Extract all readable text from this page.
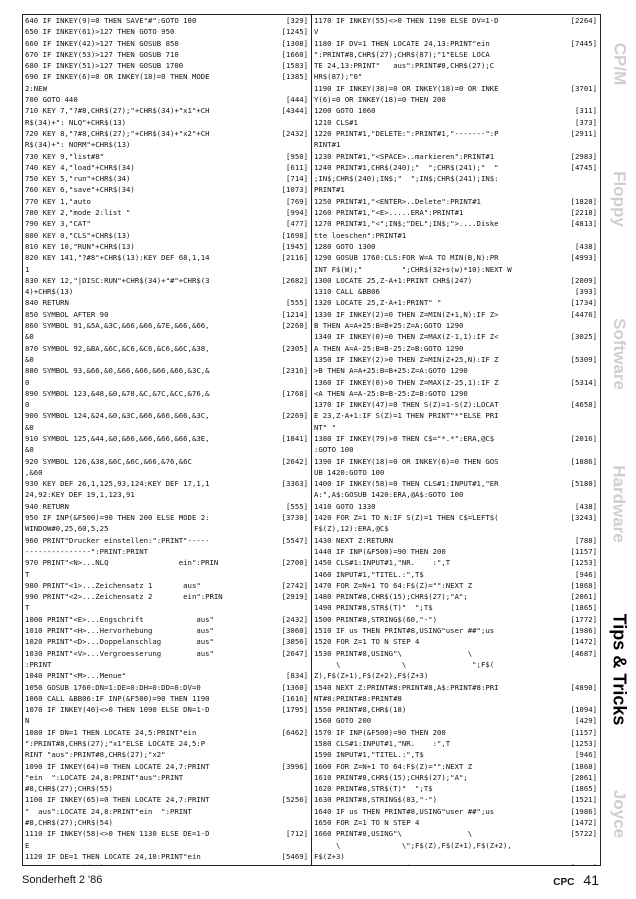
640 IF INKEY(9)=0 THEN SAVE"#":GOTO 100	[329]
650 IF INKEY(61)>127 THEN GOTO 950	[1245]
660 IF INKEY(42)>127 THEN GOSUB 850	[1308]
670 IF INKEY(53)>127 THEN GOSUB 710	[1660]
680 IF INKEY(51)>127 THEN GOSUB 1700	[1583]
690 IF INKEY(6)=0 OR INKEY(18)=0 THEN MODE	[1385]
2:NEW
700 GOTO 440	[444]
710 KEY 7,"?#8,CHR$(27);"+CHR$(34)+"x1"+CH	[4344]
R$(34)+": NLQ"+CHR$(13)
720 KEY 8,"?#8,CHR$(27);"+CHR$(34)+"x2"+CH	[2432]
R$(34)+": NORM"+CHR$(13)
730 KEY 9,"list#8"	[950]
740 KEY 4,"load"+CHR$(34)	[611]
750 KEY 5,"run"+CHR$(34)	[714]
760 KEY 6,"save"+CHR$(34)	[1073]
770 KEY 1,"auto	[769]
780 KEY 2,"mode 2:list "	[994]
790 KEY 3,"CAT"	[477]
800 KEY 0,"CLS"+CHR$(13)	[1698]
810 KEY 10,"RUN"+CHR$(13)	[1945]
820 KEY 141,"?#8"+CHR$(13):KEY DEF 68,1,14	[2116]
1
830 KEY 12,"|DISC:RUN"+CHR$(34)+"#"+CHR$(3	[2682]
4)+CHR$(13)
840 RETURN	[555]
850 SYMBOL AFTER 90	[1214]
860 SYMBOL 91,&5A,&3C,&66,&66,&7E,&66,&66,	[2260]
&0
870 SYMBOL 92,&BA,&6C,&C6,&C6,&C6,&6C,&38,	[2305]
&0
880 SYMBOL 93,&66,&0,&66,&66,&66,&66,&3C,&	[2316]
0
890 SYMBOL 123,&48,&0,&78,&C,&7C,&CC,&76,&	[1768]
0
900 SYMBOL 124,&24,&0,&3C,&66,&66,&66,&3C,	[2269]
&0
910 SYMBOL 125,&44,&0,&66,&66,&66,&66,&3E,	[1841]
&0
920 SYMBOL 126,&38,&6C,&6C,&66,&76,&6C	[2642]
,&60
930 KEY DEF 26,1,125,93,124:KEY DEF 17,1,1	[3363]
24,92:KEY DEF 19,1,123,91
940 RETURN	[555]
950 IF INP(&F500)=90 THEN 200 ELSE MODE 2:	[3730]
WINDOW#0,25,60,5,25
960 PRINT"Drucker einstellen:":PRINT"-----	[5547]
---------------":PRINT:PRINT
970 PRINT"<N>...NLQ                ein":PRIN	[2700]
T
980 PRINT"<1>...Zeichensatz 1       aus"	[2742]
990 PRINT"<2>...Zeichensatz 2       ein":PRIN	[2919]
T
1000 PRINT"<E>...Engschrift            aus"	[2432]
1010 PRINT"<H>...Hervorhebung          aus"	[3060]
1020 PRINT"<D>...Doppelanschlag        aus"	[3056]
1030 PRINT"<V>...Vergroesserung        aus"	[2647]
:PRINT
1040 PRINT"<M>...Menue"	[834]
1050 GOSUB 1760:DN=1:DE=0:DH=0:DD=0:DV=0	[1360]
1060 CALL &BB06:IF INP(&F500)=90 THEN 1190	[1616]
1070 IF INKEY(46)<>0 THEN 1090 ELSE DN=1-D	[1795]
N
1080 IF DN=1 THEN LOCATE 24,5:PRINT"ein	[6462]
":PRINT#8,CHR$(27);"x1"ELSE LOCATE 24,5:P
RINT "aus":PRINT#8,CHR$(27);"x2"
1090 IF INKEY(64)=0 THEN LOCATE 24,7:PRINT	[3996]
"ein  ":LOCATE 24,8:PRINT"aus":PRINT
#8,CHR$(27);CHR$(55)
1100 IF INKEY(65)=0 THEN LOCATE 24,7:PRINT	[5256]
"  aus":LOCATE 24,8:PRINT"ein  ":PRINT
#8,CHR$(27);CHR$(54)
1110 IF INKEY(58)<>0 THEN 1130 ELSE DE=1-D	[712]
E
1120 IF DE=1 THEN LOCATE 24,10:PRINT"ein	[5469]
1170 IF INKEY(55)<>0 THEN 1190 ELSE DV=1-D	[2264]
V
1180 IF DV=1 THEN LOCATE 24,13:PRINT"ein	[7445]
":PRINT#8,CHR$(27);CHR$(87);"1"ELSE LOCA
TE 24,13:PRINT"   aus":PRINT#8,CHR$(27);C
HR$(87);"0"
1190 IF INKEY(38)=0 OR INKEY(18)=0 OR INKE	[3701]
Y(6)=0 OR INKEY(18)=0 THEN 200
1200 GOTO 1060	[311]
1210 CLS#1	[373]
1220 PRINT#1,"DELETE:":PRINT#1,"-------":P	[2911]
RINT#1
1230 PRINT#1,"<SPACE>..markieren":PRINT#1	[2983]
1240 PRINT#1,CHR$(240);"  ";CHR$(241);"  "	[4745]
;IN$;CHR$(240);IN$;"  ";IN$;CHR$(241);IN$:
PRINT#1
1250 PRINT#1,"<ENTER>..Delete":PRINT#1	[1828]
1260 PRINT#1,"<E>.....ERA":PRINT#1	[2218]
1270 PRINT#1,"<";IN$;"DEL";IN$;">....Diske	[4813]
tte loeschen":PRINT#1
1280 GOTO 1300	[438]
1290 GOSUB 1760:CLS:FOR W=A TO MIN(B,N):PR	[4993]
INT F$(W);"         ";CHR$(32+s(w)*10):NEXT W
1300 LOCATE 25,Z-A+1:PRINT CHR$(247)	[2009]
1310 CALL &BB06	[393]
1320 LOCATE 25,Z-A+1:PRINT" "	[1734]
1330 IF INKEY(2)=0 THEN Z=MIN(Z+1,N):IF Z>	[4476]
B THEN A=A+25:B=B+25:Z=A:GOTO 1290
1340 IF INKEY(0)=0 THEN Z=MAX(Z-1,1):IF Z<	[3025]
A THEN A=A-25:B=B-25:Z=B:GOTO 1290
1350 IF INKEY(2)>0 THEN Z=MIN(Z+25,N):IF Z	[5309]
>B THEN A=A+25:B=B+25:Z=A:GOTO 1290
1360 IF INKEY(0)>0 THEN Z=MAX(Z-25,1):IF Z	[5314]
<A THEN A=A-25:B=B-25:Z=B:GOTO 1290
1370 IF INKEY(47)=0 THEN S(Z)=1-S(Z):LOCAT	[4658]
E 23,Z-A+1:IF S(Z)=1 THEN PRINT"*"ELSE PRI
NT" "
1380 IF INKEY(79)>0 THEN C$="*.*":ERA,@C$	[2016]
:GOTO 100
1390 IF INKEY(18)=0 OR INKEY(6)=0 THEN GOS	[1886]
UB 1420:GOTO 100
1400 IF INKEY(58)=0 THEN CLS#1:INPUT#1,"ER	[5180]
A:",A$:GOSUB 1420:ERA,@A$:GOTO 100
1410 GOTO 1330	[438]
1420 FOR Z=1 TO N:IF S(Z)=1 THEN C$=LEFT$(	[3243]
F$(Z),12):ERA,@C$
1430 NEXT Z:RETURN	[788]
1440 IF INP(&F500)=90 THEN 200	[1157]
1450 CLS#1:INPUT#1,"NR.    :",T	[1253]
1460 INPUT#1,"TITEL.:",T$	[946]
1470 FOR Z=N+1 TO 64:F$(Z)="":NEXT Z	[1868]
1480 PRINT#8,CHR$(15);CHR$(27);"A";	[2061]
1490 PRINT#8,STR$(T)"  ";T$	[1865]
1500 PRINT#8,STRING$(60,"-")	[1772]
1510 IF us THEN PRINT#8,USING"user ##";us	[1986]
1520 FOR Z=1 TO N STEP 4	[1472]
1530 PRINT#8,USING"\               \	[4687]
\              \               ";F$(
Z),F$(Z+1),F$(Z+2),F$(Z+3)
1540 NEXT Z:PRINT#8:PRINT#8,A$:PRINT#8:PRI	[4890]
NT#8:PRINT#8:PRINT#8
1550 PRINT#8,CHR$(18)	[1094]
1560 GOTO 200	[429]
1570 IF INP(&F500)=90 THEN 200	[1157]
1580 CLS#1:INPUT#1,"NR.    :",T	[1253]
1590 INPUT#1,"TITEL.:",T$	[946]
1600 FOR Z=N+1 TO 64:F$(Z)="":NEXT Z	[1868]
1610 PRINT#8,CHR$(15);CHR$(27);"A";	[2061]
1620 PRINT#8,STR$(T)"  ";T$	[1865]
1630 PRINT#8,STRING$(83,"-")	[1521]
1640 IF us THEN PRINT#8,USING"user ##";us	[1986]
1650 FOR Z=1 TO N STEP 4	[1472]
1660 PRINT#8,USING"\               \	[5722]
\              \";F$(Z),F$(Z+1),F$(Z+2),
F$(Z+3)
CP/M
Floppy
Software
Hardware
Tips & Tricks
Joyce
Sonderheft 2 '86	CPC 41
